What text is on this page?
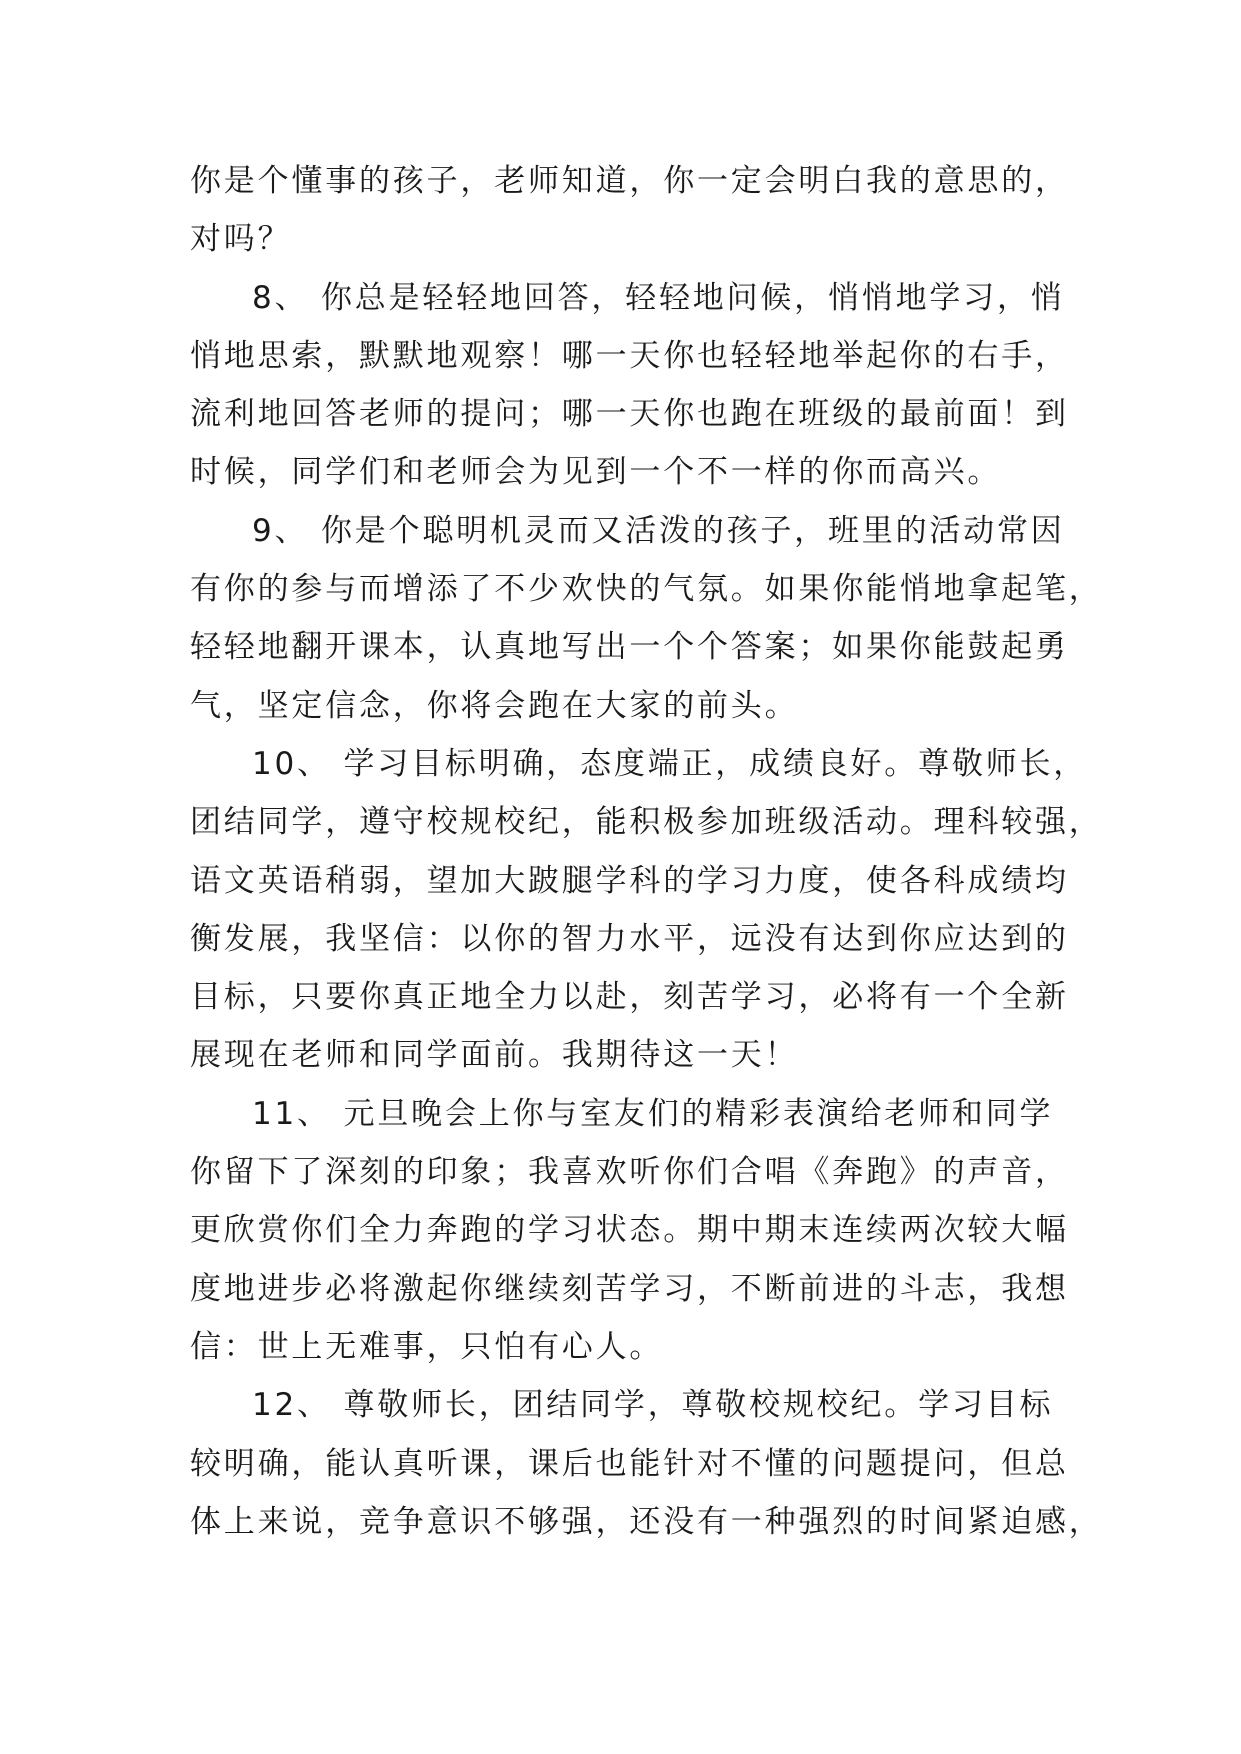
你是个懂事的孩子，老师知道，你一定会明白我的意思的，
对吗？
8、 你总是轻轻地回答，轻轻地问候，悄悄地学习，悄
悄地思索，默默地观察！哪一天你也轻轻地举起你的右手，
流利地回答老师的提问；哪一天你也跑在班级的最前面！到
时候，同学们和老师会为见到一个不一样的你而高兴。
9、 你是个聪明机灵而又活泼的孩子，班里的活动常因
有你的参与而增添了不少欢快的气氛。如果你能悄地拿起笔，
轻轻地翻开课本，认真地写出一个个答案；如果你能鼓起勇
气，坚定信念，你将会跑在大家的前头。
10、 学习目标明确，态度端正，成绩良好。尊敬师长，
团结同学，遵守校规校纪，能积极参加班级活动。理科较强，
语文英语稍弱，望加大跛腿学科的学习力度，使各科成绩均
衡发展，我坚信：以你的智力水平，远没有达到你应达到的
目标，只要你真正地全力以赴，刻苦学习，必将有一个全新
展现在老师和同学面前。我期待这一天！
11、 元旦晚会上你与室友们的精彩表演给老师和同学
你留下了深刻的印象；我喜欢听你们合唱《奔跑》的声音，
更欣赏你们全力奔跑的学习状态。期中期末连续两次较大幅
度地进步必将激起你继续刻苦学习，不断前进的斗志，我想
信：世上无难事，只怕有心人。
12、 尊敬师长，团结同学，尊敬校规校纪。学习目标
较明确，能认真听课，课后也能针对不懂的问题提问，但总
体上来说，竞争意识不够强，还没有一种强烈的时间紧迫感，
